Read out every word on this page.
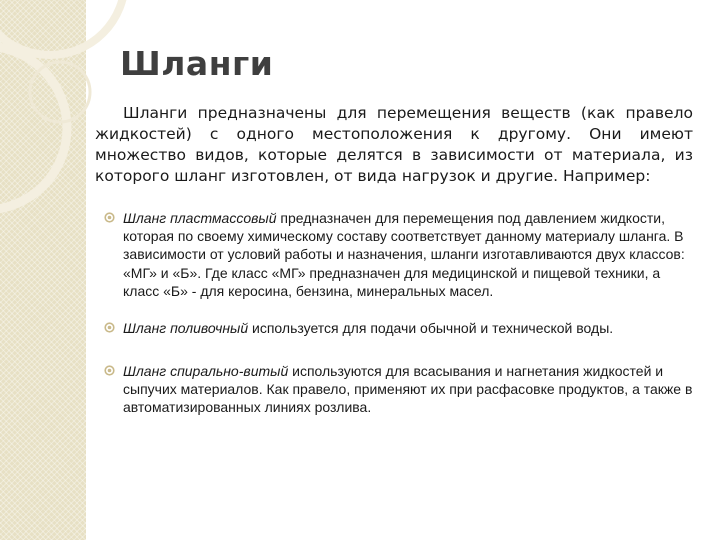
Шланги

Шланги предназначены для перемещения веществ (как правело жидкостей) с одного местоположения к другому. Они имеют множество видов, которые делятся в зависимости от материала, из которого шланг изготовлен, от вида нагрузок и другие. Например:

Шланг пластмассовый предназначен для перемещения под давлением жидкости, которая по своему химическому составу соответствует данному материалу шланга. В зависимости от условий работы и назначения, шланги изготавливаются двух классов: «МГ» и «Б». Где класс «МГ» предназначен для медицинской и пищевой техники, а класс «Б» - для керосина, бензина, минеральных масел.
Шланг поливочный используется для подачи обычной и технической воды.
Шланг спирально-витый используются для всасывания и нагнетания жидкостей и сыпучих материалов. Как правело, применяют их при расфасовке продуктов, а также в автоматизированных линиях розлива.
